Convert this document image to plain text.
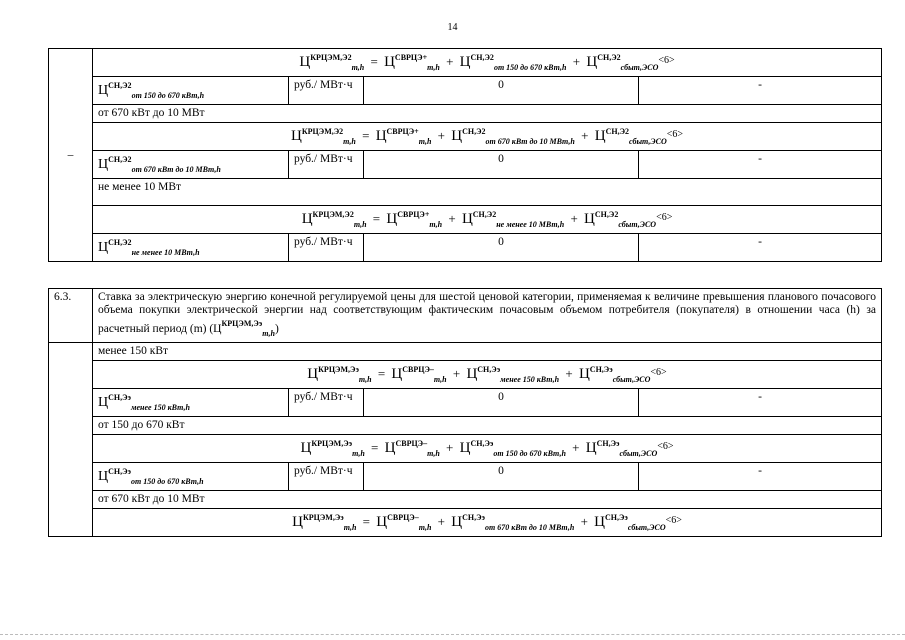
14
–	$Ц^{КРЦЭМ,Э2}_{m,h} = Ц^{СВРЦЭ+}_{m,h} + Ц^{СН,Э2}_{от 150 до 670 кВт,h} + Ц^{СН,Э2}_{сбыт,ЭСО}^{<6>}$
	$Ц^{СН,Э2}_{от 150 до 670 кВт,h}$	руб./ МВт·ч	0	-
	от 670 кВт до 10 МВт			
	$Ц^{КРЦЭМ,Э2}_{m,h} = Ц^{СВРЦЭ+}_{m,h} + Ц^{СН,Э2}_{от 670 кВт до 10 МВт,h} + Ц^{СН,Э2}_{сбыт,ЭСО}^{<6>}$
	$Ц^{СН,Э2}_{от 670 кВт до 10 МВт,h}$	руб./ МВт·ч	0	-
	не менее 10 МВт			
	$Ц^{КРЦЭМ,Э2}_{m,h} = Ц^{СВРЦЭ+}_{m,h} + Ц^{СН,Э2}_{не менее 10 МВт,h} + Ц^{СН,Э2}_{сбыт,ЭСО}^{<6>}$
	$Ц^{СН,Э2}_{не менее 10 МВт,h}$	руб./ МВт·ч	0	-
6.3.	Ставка за электрическую энергию конечной регулируемой цены для шестой ценовой категории, применяемая к величине превышения планового почасового объема покупки электрической энергии над соответствующим фактическим почасовым объемом потребителя (покупателя) в отношении часа (h) за расчетный период (m) $(Ц^{КРЦЭМ,Ээ}_{m,h})$			
	менее 150 кВт			
	$Ц^{КРЦЭМ,Ээ}_{m,h} = Ц^{СВРЦЭ-}_{m,h} + Ц^{СН,Ээ}_{менее 150 кВт,h} + Ц^{СН,Ээ}_{сбыт,ЭСО}^{<6>}$
	$Ц^{СН,Ээ}_{менее 150 кВт,h}$	руб./ МВт·ч	0	-
	от 150 до 670 кВт			
	$Ц^{КРЦЭМ,Ээ}_{m,h} = Ц^{СВРЦЭ-}_{m,h} + Ц^{СН,Ээ}_{от 150 до 670 кВт,h} + Ц^{СН,Ээ}_{сбыт,ЭСО}^{<6>}$
	$Ц^{СН,Ээ}_{от 150 до 670 кВт,h}$	руб./ МВт·ч	0	-
	от 670 кВт до 10 МВт			
	$Ц^{КРЦЭМ,Ээ}_{m,h} = Ц^{СВРЦЭ-}_{m,h} + Ц^{СН,Ээ}_{от 670 кВт до 10 МВт,h} + Ц^{СН,Ээ}_{сбыт,ЭСО}^{<6>}$
